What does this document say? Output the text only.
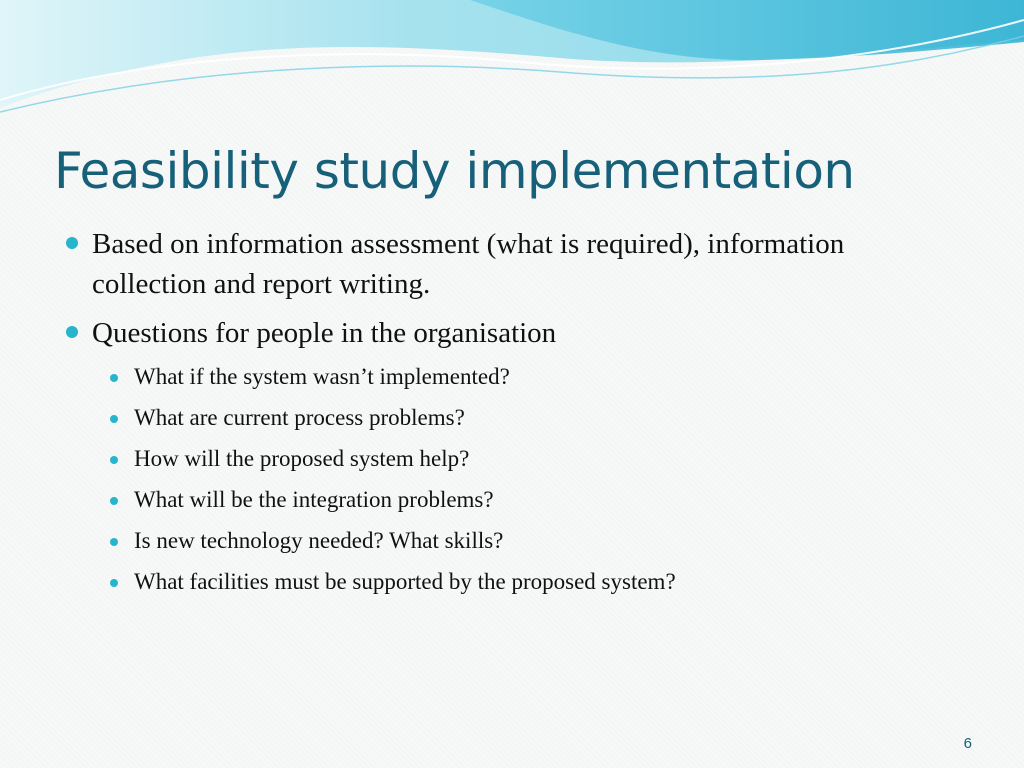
Feasibility study implementation
Based on information assessment (what is required), information collection and report writing.
Questions for people in the organisation
What if the system wasn’t implemented?
What are current process problems?
How will the proposed system help?
What will be the integration problems?
Is new technology needed? What skills?
What facilities must be supported by the proposed system?
6
